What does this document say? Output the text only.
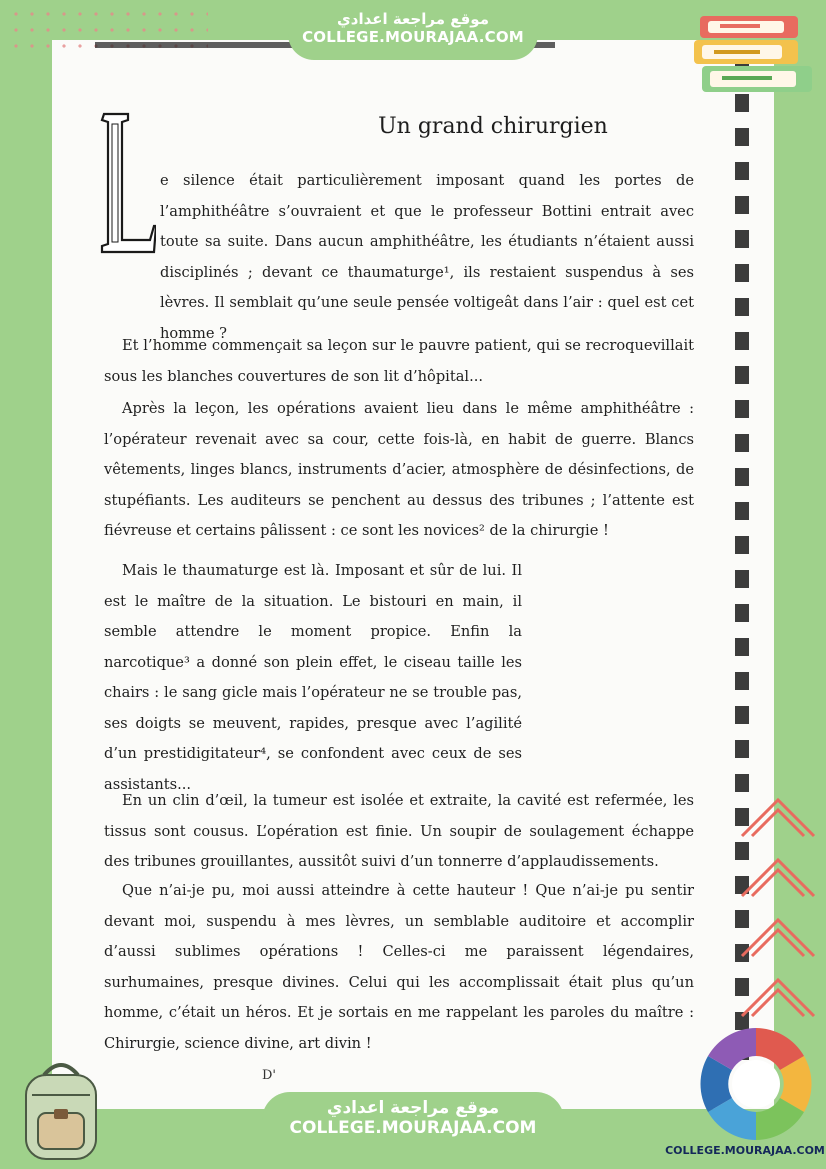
موقع مراجعة اعدادي
COLLEGE.MOURAJAA.COM
Un grand chirurgien
e silence était particulièrement imposant quand les portes de l’amphithéâtre s’ouvraient et que le professeur Bottini entrait avec toute sa suite. Dans aucun amphithéâtre, les étudiants n’étaient aussi disciplinés ; devant ce thaumaturge¹, ils restaient suspendus à ses lèvres. Il semblait qu’une seule pensée voltigeât dans l’air : quel est cet homme ?
Et l’homme commençait sa leçon sur le pauvre patient, qui se recroquevillait sous les blanches couvertures de son lit d’hôpital...
Après la leçon, les opérations avaient lieu dans le même amphithéâtre : l’opérateur revenait avec sa cour, cette fois-là, en habit de guerre. Blancs vêtements, linges blancs, instruments d’acier, atmosphère de désinfections, de stupéfiants. Les auditeurs se penchent au dessus des tribunes ; l’attente est fiévreuse et certains pâlissent : ce sont les novices² de la chirurgie !
Mais le thaumaturge est là. Imposant et sûr de lui. Il est le maître de la situation. Le bistouri en main, il semble attendre le moment propice. Enfin la narcotique³ a donné son plein effet, le ciseau taille les chairs : le sang gicle mais l’opérateur ne se trouble pas, ses doigts se meuvent, rapides, presque avec l’agilité d’un prestidigitateur⁴, se confondent avec ceux de ses assistants...
En un clin d’œil, la tumeur est isolée et extraite, la cavité est refermée, les tissus sont cousus. L’opération est finie. Un soupir de soulagement échappe des tribunes grouillantes, aussitôt suivi d’un tonnerre d’applaudissements.
Que n’ai-je pu, moi aussi atteindre à cette hauteur ! Que n’ai-je pu sentir devant moi, suspendu à mes lèvres, un semblable auditoire et accomplir d’aussi sublimes opérations ! Celles-ci me paraissent légendaires, surhumaines, presque divines. Celui qui les accomplissait était plus qu’un homme, c’était un héros. Et je sortais en me rappelant les paroles du maître : Chirurgie, science divine, art divin !
D'
موقع مراجعة اعدادي
COLLEGE.MOURAJAA.COM
COLLEGE.MOURAJAA.COM
